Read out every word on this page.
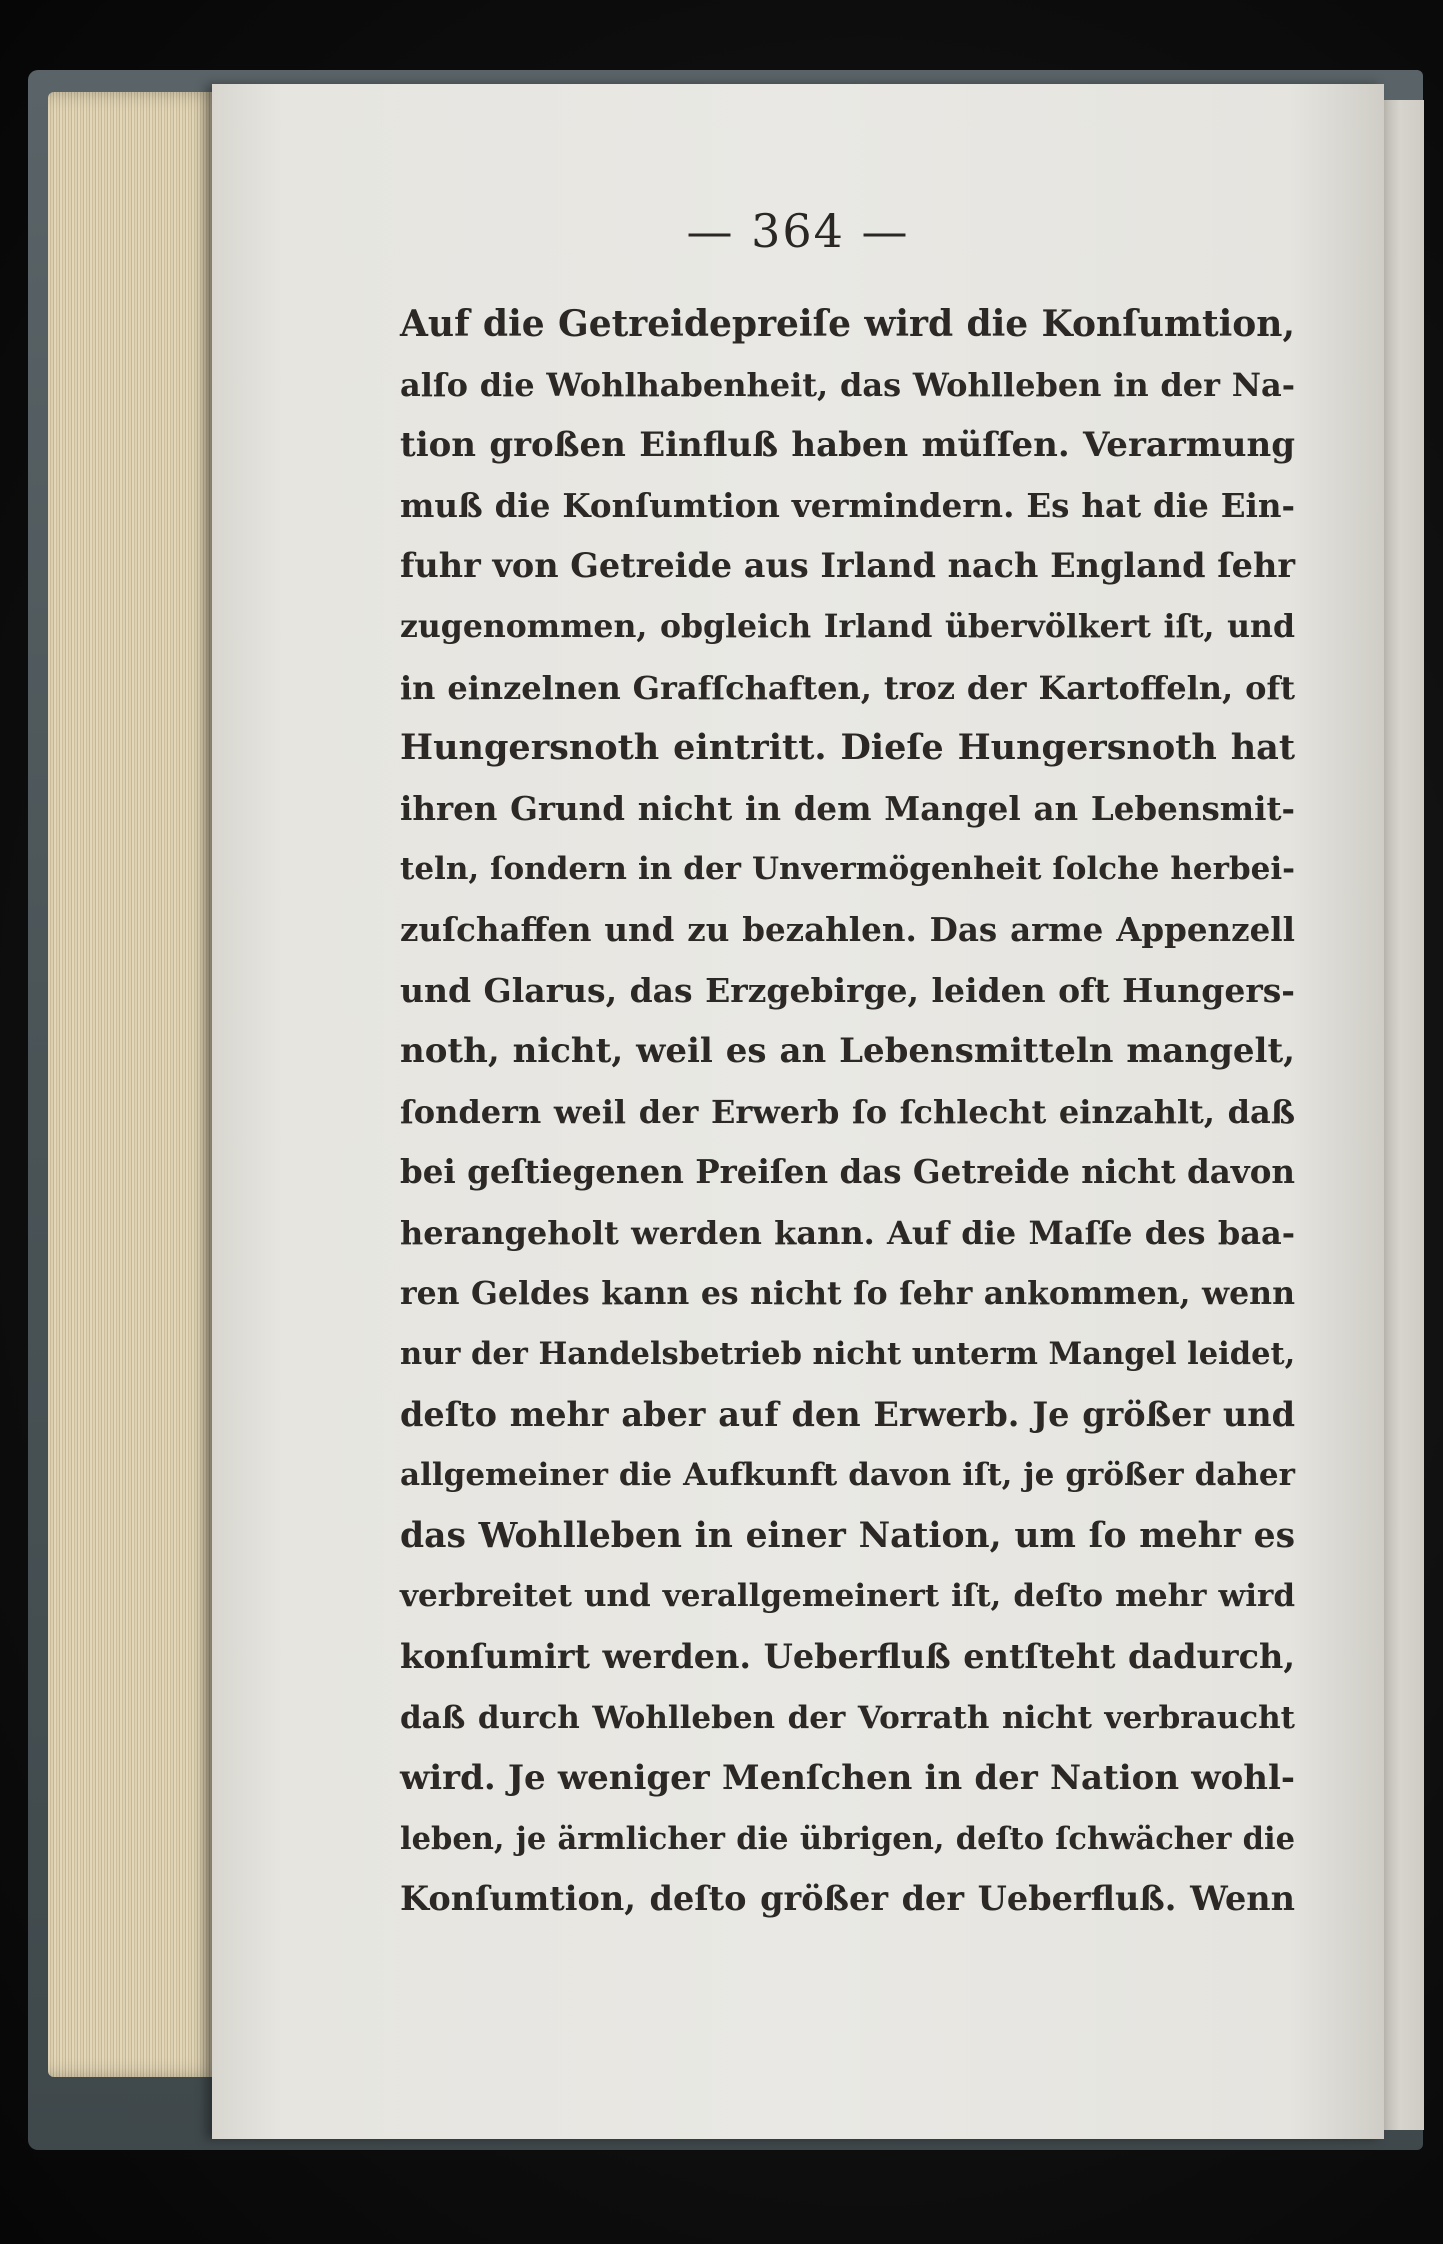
— 364 —
Auf die Getreidepreiſe wird die Konſumtion,
alſo die Wohlhabenheit, das Wohlleben in der Na-
tion großen Einfluß haben müſſen. Verarmung
muß die Konſumtion vermindern. Es hat die Ein-
fuhr von Getreide aus Irland nach England ſehr
zugenommen, obgleich Irland übervölkert iſt, und
in einzelnen Grafſchaften, troz der Kartoffeln, oft
Hungersnoth eintritt. Dieſe Hungersnoth hat
ihren Grund nicht in dem Mangel an Lebensmit-
teln, ſondern in der Unvermögenheit ſolche herbei-
zuſchaffen und zu bezahlen. Das arme Appenzell
und Glarus, das Erzgebirge, leiden oft Hungers-
noth, nicht, weil es an Lebensmitteln mangelt,
ſondern weil der Erwerb ſo ſchlecht einzahlt, daß
bei geſtiegenen Preiſen das Getreide nicht davon
herangeholt werden kann. Auf die Maſſe des baa-
ren Geldes kann es nicht ſo ſehr ankommen, wenn
nur der Handelsbetrieb nicht unterm Mangel leidet,
deſto mehr aber auf den Erwerb. Je größer und
allgemeiner die Aufkunft davon iſt, je größer daher
das Wohlleben in einer Nation, um ſo mehr es
verbreitet und verallgemeinert iſt, deſto mehr wird
konſumirt werden. Ueberfluß entſteht dadurch,
daß durch Wohlleben der Vorrath nicht verbraucht
wird. Je weniger Menſchen in der Nation wohl-
leben, je ärmlicher die übrigen, deſto ſchwächer die
Konſumtion, deſto größer der Ueberfluß. Wenn
